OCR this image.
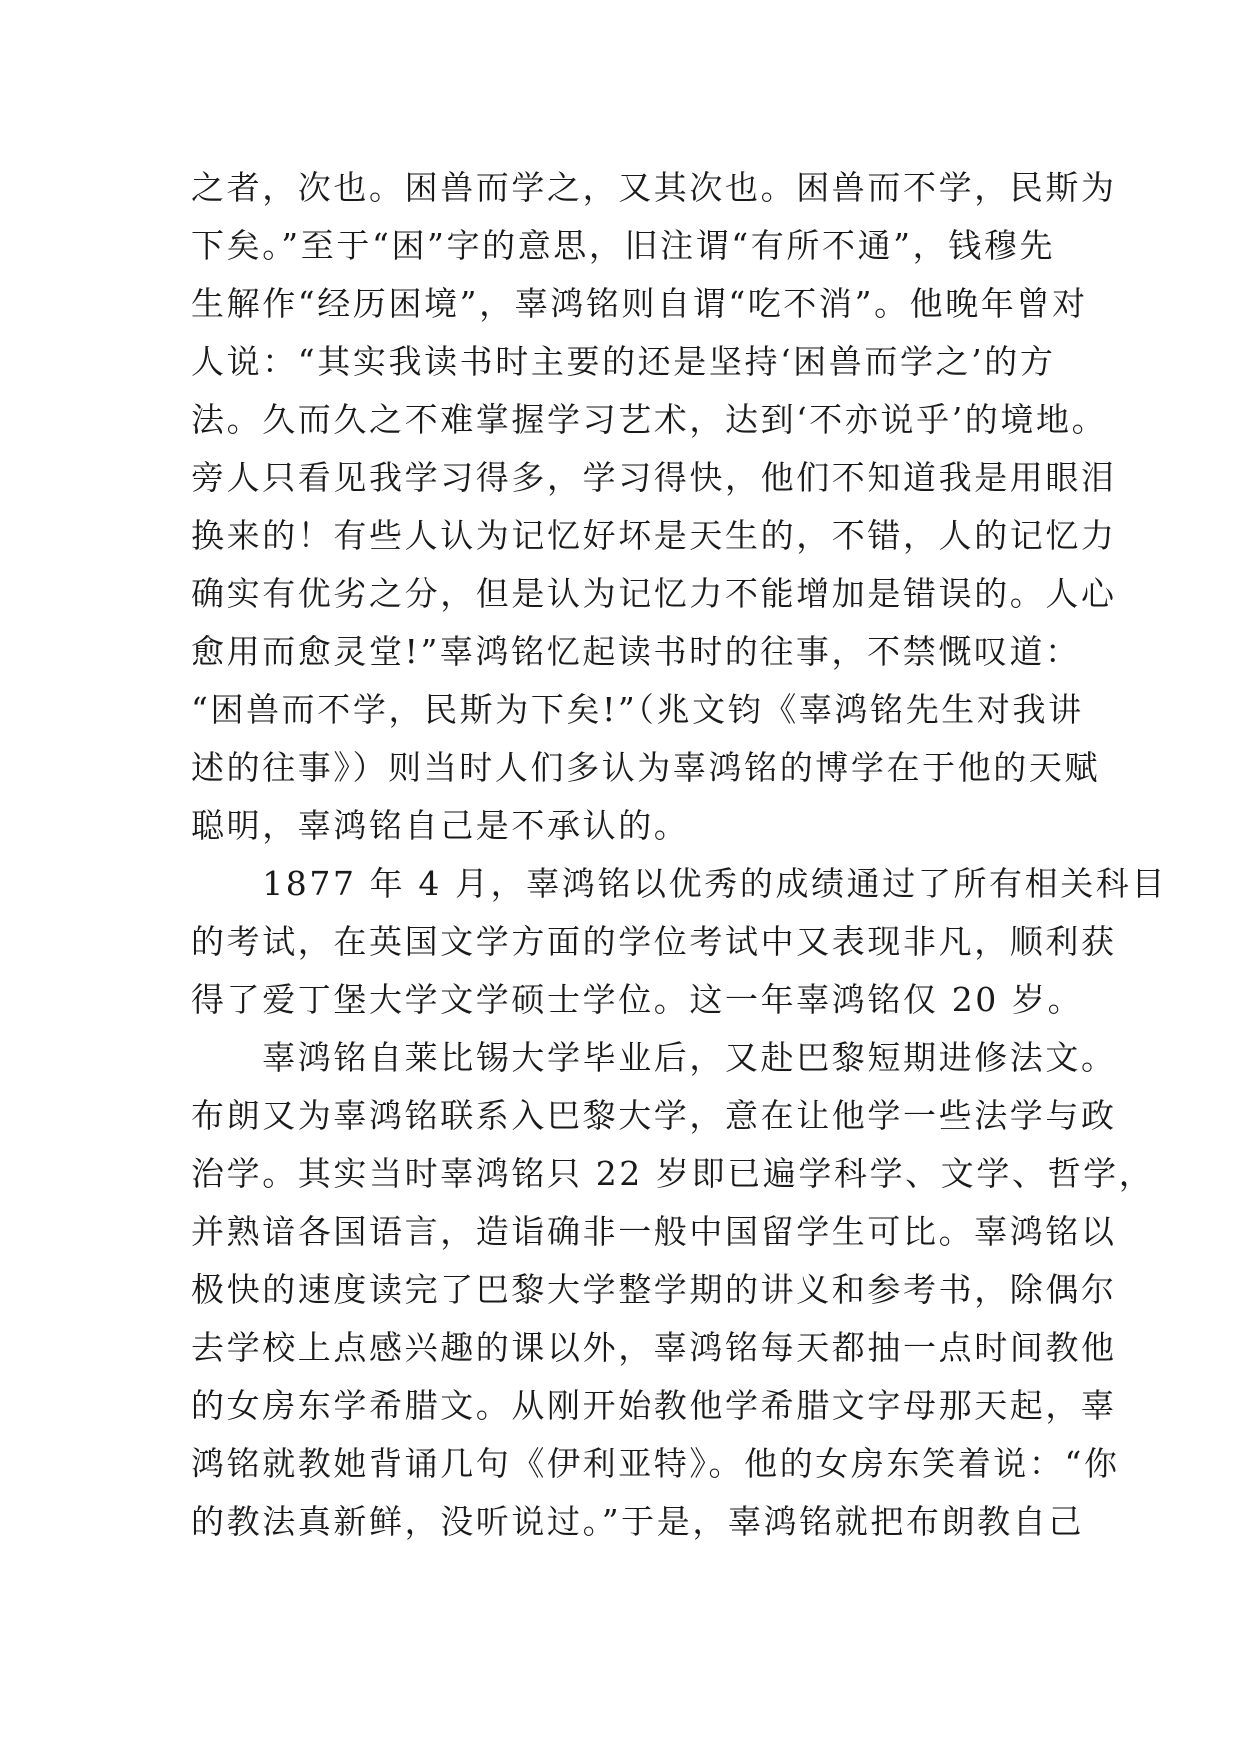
之者，次也。困兽而学之，又其次也。困兽而不学，民斯为
下矣。”至于“困”字的意思，旧注谓“有所不通”，钱穆先
生解作“经历困境”，辜鸿铭则自谓“吃不消”。他晚年曾对
人说：“其实我读书时主要的还是坚持‘困兽而学之’的方
法。久而久之不难掌握学习艺术，达到‘不亦说乎’的境地。
旁人只看见我学习得多，学习得快，他们不知道我是用眼泪
换来的！有些人认为记忆好坏是天生的，不错，人的记忆力
确实有优劣之分，但是认为记忆力不能增加是错误的。人心
愈用而愈灵堂!”辜鸿铭忆起读书时的往事，不禁慨叹道：
“困兽而不学，民斯为下矣!”（兆文钧《辜鸿铭先生对我讲
述的往事》）则当时人们多认为辜鸿铭的博学在于他的天赋
聪明，辜鸿铭自己是不承认的。
　　1877 年 4 月，辜鸿铭以优秀的成绩通过了所有相关科目
的考试，在英国文学方面的学位考试中又表现非凡，顺利获
得了爱丁堡大学文学硕士学位。这一年辜鸿铭仅 20 岁。
　　辜鸿铭自莱比锡大学毕业后，又赴巴黎短期进修法文。
布朗又为辜鸿铭联系入巴黎大学，意在让他学一些法学与政
治学。其实当时辜鸿铭只 22 岁即已遍学科学、文学、哲学，
并熟谙各国语言，造诣确非一般中国留学生可比。辜鸿铭以
极快的速度读完了巴黎大学整学期的讲义和参考书，除偶尔
去学校上点感兴趣的课以外，辜鸿铭每天都抽一点时间教他
的女房东学希腊文。从刚开始教他学希腊文字母那天起，辜
鸿铭就教她背诵几句《伊利亚特》。他的女房东笑着说：“你
的教法真新鲜，没听说过。”于是，辜鸿铭就把布朗教自己
